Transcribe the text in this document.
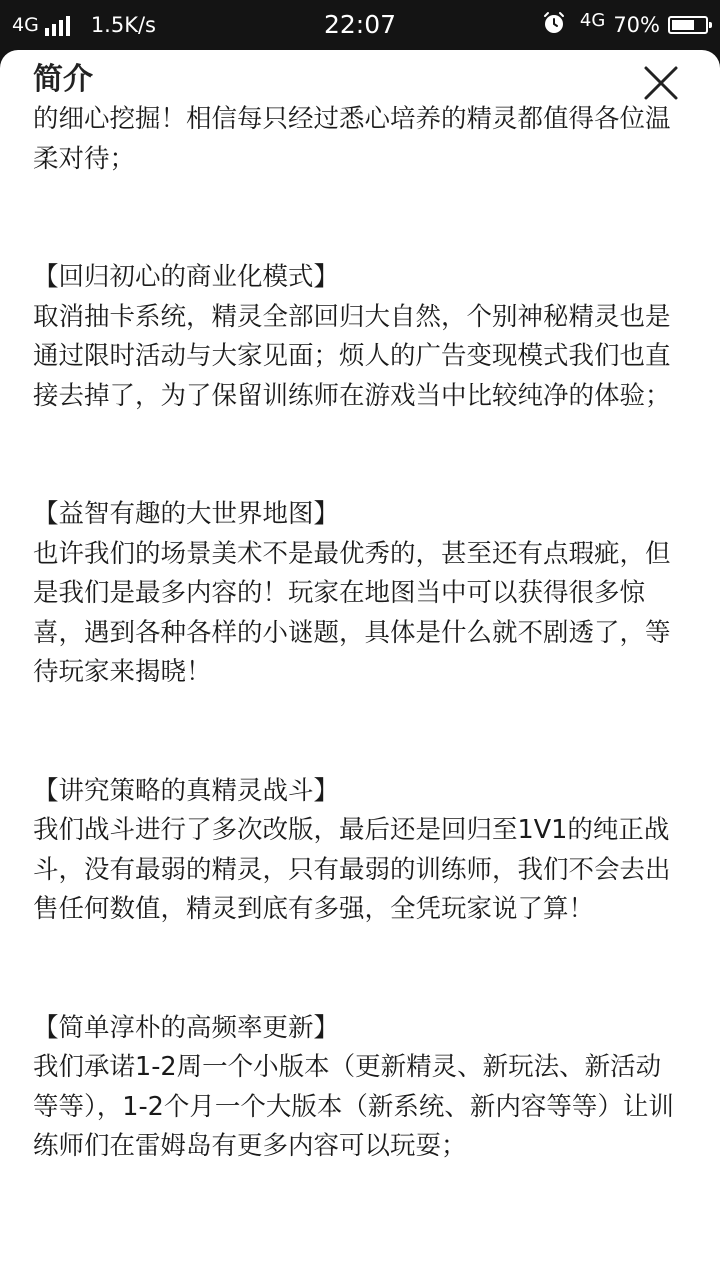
4G 1.5K/s	22:07	4G 70%
简介

的细心挖掘！相信每只经过悉心培养的精灵都值得各位温柔对待；

【回归初心的商业化模式】
取消抽卡系统，精灵全部回归大自然，个别神秘精灵也是通过限时活动与大家见面；烦人的广告变现模式我们也直接去掉了，为了保留训练师在游戏当中比较纯净的体验；

【益智有趣的大世界地图】
也许我们的场景美术不是最优秀的，甚至还有点瑕疵，但是我们是最多内容的！玩家在地图当中可以获得很多惊喜，遇到各种各样的小谜题，具体是什么就不剧透了，等待玩家来揭晓！

【讲究策略的真精灵战斗】
我们战斗进行了多次改版，最后还是回归至1V1的纯正战斗，没有最弱的精灵，只有最弱的训练师，我们不会去出售任何数值，精灵到底有多强，全凭玩家说了算！

【简单淳朴的高频率更新】
我们承诺1-2周一个小版本（更新精灵、新玩法、新活动等等），1-2个月一个大版本（新系统、新内容等等）让训练师们在雷姆岛有更多内容可以玩耍；
